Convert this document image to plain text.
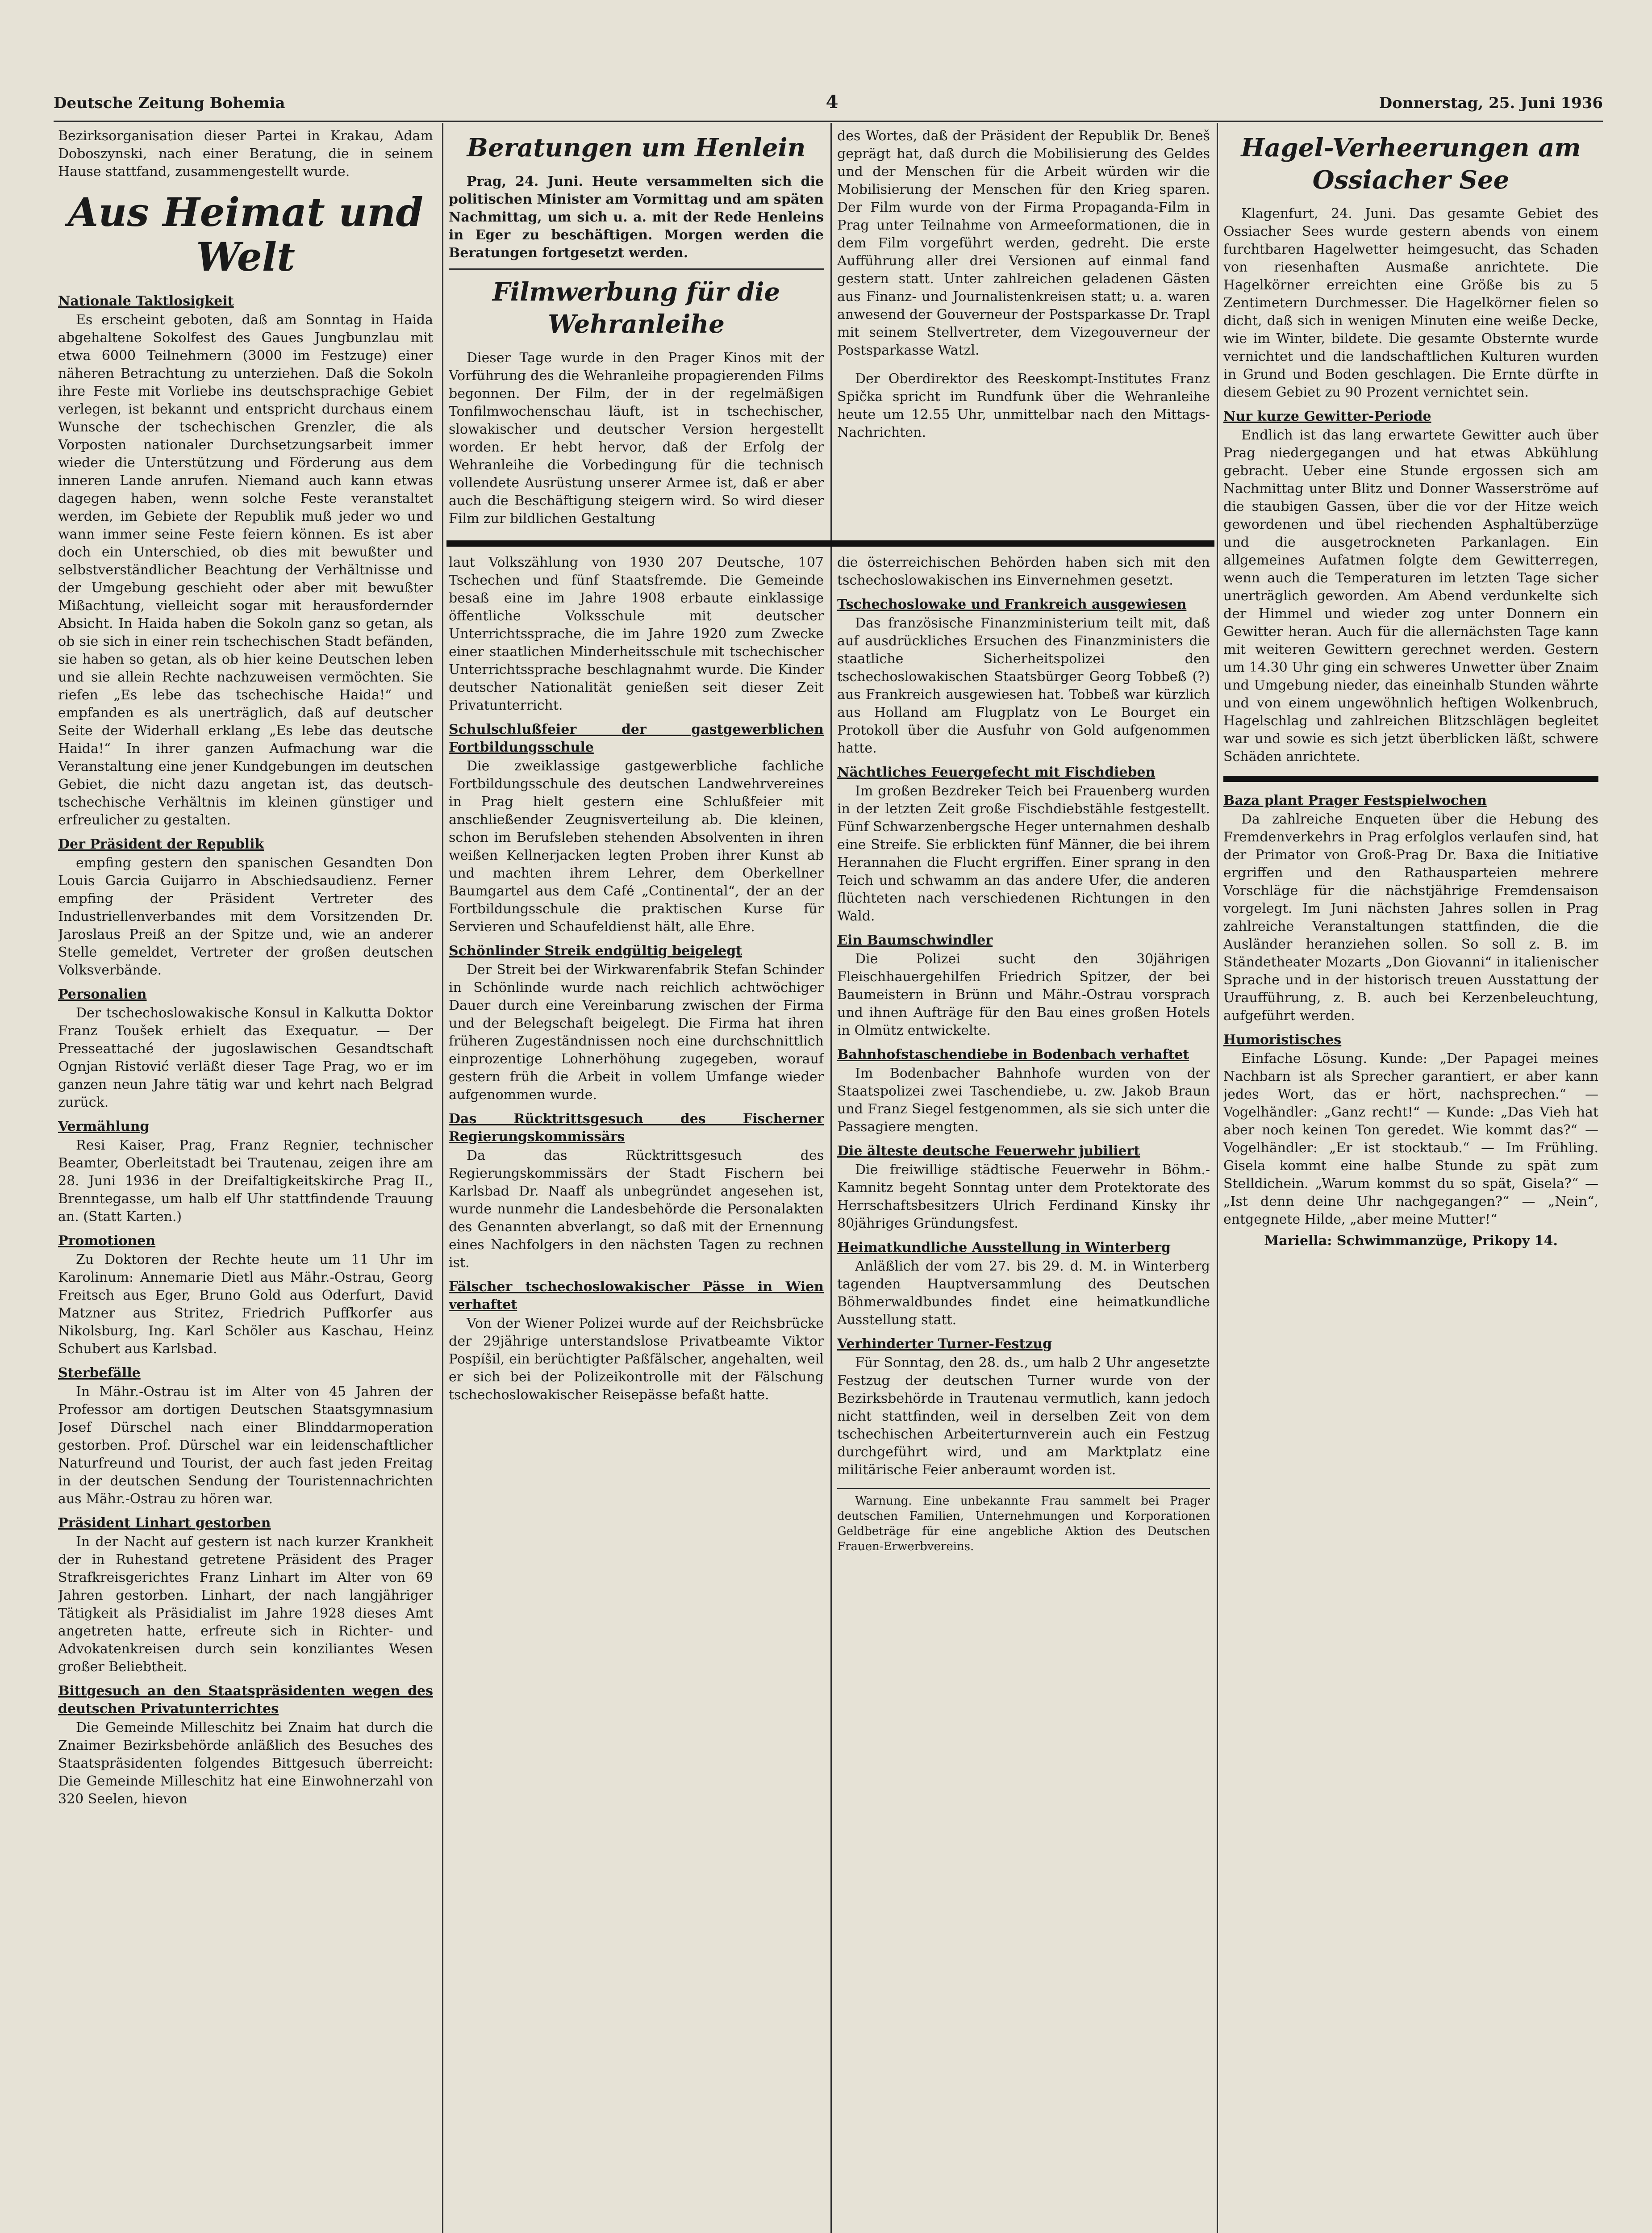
Deutsche Zeitung Bohemia	4	Donnerstag, 25. Juni 1936

Bezirksorganisation dieser Partei in Krakau, Adam Doboszynski, nach einer Beratung, die in seinem Hause stattfand, zusammengestellt wurde.

Aus Heimat und Welt
Nationale Taktlosigkeit

Es erscheint geboten, daß am Sonntag in Haida abgehaltene Sokolfest des Gaues Jungbunzlau mit etwa 6000 Teilnehmern (3000 im Festzuge) einer näheren Betrachtung zu unterziehen. Daß die Sokoln ihre Feste mit Vorliebe ins deutschsprachige Gebiet verlegen, ist bekannt und entspricht durchaus einem Wunsche der tschechischen Grenzler, die als Vorposten nationaler Durchsetzungsarbeit immer wieder die Unterstützung und Förderung aus dem inneren Lande anrufen. Niemand auch kann etwas dagegen haben, wenn solche Feste veranstaltet werden, im Gebiete der Republik muß jeder wo und wann immer seine Feste feiern können. Es ist aber doch ein Unterschied, ob dies mit bewußter und selbstverständlicher Beachtung der Verhältnisse und der Umgebung geschieht oder aber mit bewußter Mißachtung, vielleicht sogar mit herausfordernder Absicht. In Haida haben die Sokoln ganz so getan, als ob sie sich in einer rein tschechischen Stadt befänden, sie haben so getan, als ob hier keine Deutschen leben und sie allein Rechte nachzuweisen vermöchten. Sie riefen „Es lebe das tschechische Haida!“ und empfanden es als unerträglich, daß auf deutscher Seite der Widerhall erklang „Es lebe das deutsche Haida!“ In ihrer ganzen Aufmachung war die Veranstaltung eine jener Kundgebungen im deutschen Gebiet, die nicht dazu angetan ist, das deutsch-tschechische Verhältnis im kleinen günstiger und erfreulicher zu gestalten.

Der Präsident der Republik

empfing gestern den spanischen Gesandten Don Louis Garcia Guijarro in Abschiedsaudienz. Ferner empfing der Präsident Vertreter des Industriellenverbandes mit dem Vorsitzenden Dr. Jaroslaus Preiß an der Spitze und, wie an anderer Stelle gemeldet, Vertreter der großen deutschen Volksverbände.

Personalien

Der tschechoslowakische Konsul in Kalkutta Doktor Franz Toušek erhielt das Exequatur. — Der Presseattaché der jugoslawischen Gesandtschaft Ognjan Ristović verläßt dieser Tage Prag, wo er im ganzen neun Jahre tätig war und kehrt nach Belgrad zurück.

Vermählung

Resi Kaiser, Prag, Franz Regnier, technischer Beamter, Oberleitstadt bei Trautenau, zeigen ihre am 28. Juni 1936 in der Dreifaltigkeitskirche Prag II., Brenntegasse, um halb elf Uhr stattfindende Trauung an. (Statt Karten.)

Promotionen

Zu Doktoren der Rechte heute um 11 Uhr im Karolinum: Annemarie Dietl aus Mähr.-Ostrau, Georg Freitsch aus Eger, Bruno Gold aus Oderfurt, David Matzner aus Stritez, Friedrich Puffkorfer aus Nikolsburg, Ing. Karl Schöler aus Kaschau, Heinz Schubert aus Karlsbad.

Sterbefälle

In Mähr.-Ostrau ist im Alter von 45 Jahren der Professor am dortigen Deutschen Staatsgymnasium Josef Dürschel nach einer Blinddarmoperation gestorben. Prof. Dürschel war ein leidenschaftlicher Naturfreund und Tourist, der auch fast jeden Freitag in der deutschen Sendung der Touristennachrichten aus Mähr.-Ostrau zu hören war.

Präsident Linhart gestorben

In der Nacht auf gestern ist nach kurzer Krankheit der in Ruhestand getretene Präsident des Prager Strafkreisgerichtes Franz Linhart im Alter von 69 Jahren gestorben. Linhart, der nach langjähriger Tätigkeit als Präsidialist im Jahre 1928 dieses Amt angetreten hatte, erfreute sich in Richter- und Advokatenkreisen durch sein konziliantes Wesen großer Beliebtheit.

Bittgesuch an den Staatspräsidenten wegen des deutschen Privatunterrichtes

Die Gemeinde Milleschitz bei Znaim hat durch die Znaimer Bezirksbehörde anläßlich des Besuches des Staatspräsidenten folgendes Bittgesuch überreicht: Die Gemeinde Milleschitz hat eine Einwohnerzahl von 320 Seelen, hievon

Beratungen um Henlein

Prag, 24. Juni. Heute versammelten sich die politischen Minister am Vormittag und am späten Nachmittag, um sich u. a. mit der Rede Henleins in Eger zu beschäftigen. Morgen werden die Beratungen fortgesetzt werden.

Filmwerbung für die Wehranleihe

Dieser Tage wurde in den Prager Kinos mit der Vorführung des die Wehranleihe propagierenden Films begonnen. Der Film, der in der regelmäßigen Tonfilmwochenschau läuft, ist in tschechischer, slowakischer und deutscher Version hergestellt worden. Er hebt hervor, daß der Erfolg der Wehranleihe die Vorbedingung für die technisch vollendete Ausrüstung unserer Armee ist, daß er aber auch die Beschäftigung steigern wird. So wird dieser Film zur bildlichen Gestaltung

des Wortes, daß der Präsident der Republik Dr. Beneš geprägt hat, daß durch die Mobilisierung des Geldes und der Menschen für die Arbeit würden wir die Mobilisierung der Menschen für den Krieg sparen. Der Film wurde von der Firma Propaganda-Film in Prag unter Teilnahme von Armeeformationen, die in dem Film vorgeführt werden, gedreht. Die erste Aufführung aller drei Versionen auf einmal fand gestern statt. Unter zahlreichen geladenen Gästen aus Finanz- und Journalistenkreisen statt; u. a. waren anwesend der Gouverneur der Postsparkasse Dr. Trapl mit seinem Stellvertreter, dem Vizegouverneur der Postsparkasse Watzl.

Der Oberdirektor des Reeskompt-Institutes Franz Spička spricht im Rundfunk über die Wehranleihe heute um 12.55 Uhr, unmittelbar nach den Mittags-Nachrichten.

laut Volkszählung von 1930 207 Deutsche, 107 Tschechen und fünf Staatsfremde. Die Gemeinde besaß eine im Jahre 1908 erbaute einklassige öffentliche Volksschule mit deutscher Unterrichtssprache, die im Jahre 1920 zum Zwecke einer staatlichen Minderheitsschule mit tschechischer Unterrichtssprache beschlagnahmt wurde. Die Kinder deutscher Nationalität genießen seit dieser Zeit Privatunterricht.

Schulschlußfeier der gastgewerblichen Fortbildungsschule

Die zweiklassige gastgewerbliche fachliche Fortbildungsschule des deutschen Landwehrvereines in Prag hielt gestern eine Schlußfeier mit anschließender Zeugnisverteilung ab. Die kleinen, schon im Berufsleben stehenden Absolventen in ihren weißen Kellnerjacken legten Proben ihrer Kunst ab und machten ihrem Lehrer, dem Oberkellner Baumgartel aus dem Café „Continental“, der an der Fortbildungsschule die praktischen Kurse für Servieren und Schaufeldienst hält, alle Ehre.

Schönlinder Streik endgültig beigelegt

Der Streit bei der Wirkwarenfabrik Stefan Schinder in Schönlinde wurde nach reichlich achtwöchiger Dauer durch eine Vereinbarung zwischen der Firma und der Belegschaft beigelegt. Die Firma hat ihren früheren Zugeständnissen noch eine durchschnittlich einprozentige Lohnerhöhung zugegeben, worauf gestern früh die Arbeit in vollem Umfange wieder aufgenommen wurde.

Das Rücktrittsgesuch des Fischerner Regierungskommissärs

Da das Rücktrittsgesuch des Regierungskommissärs der Stadt Fischern bei Karlsbad Dr. Naaff als unbegründet angesehen ist, wurde nunmehr die Landesbehörde die Personalakten des Genannten abverlangt, so daß mit der Ernennung eines Nachfolgers in den nächsten Tagen zu rechnen ist.

Fälscher tschechoslowakischer Pässe in Wien verhaftet

Von der Wiener Polizei wurde auf der Reichsbrücke der 29jährige unterstandslose Privatbeamte Viktor Pospíšil, ein berüchtigter Paßfälscher, angehalten, weil er sich bei der Polizeikontrolle mit der Fälschung tschechoslowakischer Reisepässe befaßt hatte.

die österreichischen Behörden haben sich mit den tschechoslowakischen ins Einvernehmen gesetzt.

Tschechoslowake und Frankreich ausgewiesen

Das französische Finanzministerium teilt mit, daß auf ausdrückliches Ersuchen des Finanzministers die staatliche Sicherheitspolizei den tschechoslowakischen Staatsbürger Georg Tobbeß (?) aus Frankreich ausgewiesen hat. Tobbeß war kürzlich aus Holland am Flugplatz von Le Bourget ein Protokoll über die Ausfuhr von Gold aufgenommen hatte.

Nächtliches Feuergefecht mit Fischdieben

Im großen Bezdreker Teich bei Frauenberg wurden in der letzten Zeit große Fischdiebstähle festgestellt. Fünf Schwarzenbergsche Heger unternahmen deshalb eine Streife. Sie erblickten fünf Männer, die bei ihrem Herannahen die Flucht ergriffen. Einer sprang in den Teich und schwamm an das andere Ufer, die anderen flüchteten nach verschiedenen Richtungen in den Wald.

Ein Baumschwindler

Die Polizei sucht den 30jährigen Fleischhauergehilfen Friedrich Spitzer, der bei Baumeistern in Brünn und Mähr.-Ostrau vorsprach und ihnen Aufträge für den Bau eines großen Hotels in Olmütz entwickelte.

Bahnhofstaschendiebe in Bodenbach verhaftet

Im Bodenbacher Bahnhofe wurden von der Staatspolizei zwei Taschendiebe, u. zw. Jakob Braun und Franz Siegel festgenommen, als sie sich unter die Passagiere mengten.

Die älteste deutsche Feuerwehr jubiliert

Die freiwillige städtische Feuerwehr in Böhm.-Kamnitz begeht Sonntag unter dem Protektorate des Herrschaftsbesitzers Ulrich Ferdinand Kinsky ihr 80jähriges Gründungsfest.

Heimatkundliche Ausstellung in Winterberg

Anläßlich der vom 27. bis 29. d. M. in Winterberg tagenden Hauptversammlung des Deutschen Böhmerwaldbundes findet eine heimatkundliche Ausstellung statt.

Verhinderter Turner-Festzug

Für Sonntag, den 28. ds., um halb 2 Uhr angesetzte Festzug der deutschen Turner wurde von der Bezirksbehörde in Trautenau vermutlich, kann jedoch nicht stattfinden, weil in derselben Zeit von dem tschechischen Arbeiterturnverein auch ein Festzug durchgeführt wird, und am Marktplatz eine militärische Feier anberaumt worden ist.

Warnung. Eine unbekannte Frau sammelt bei Prager deutschen Familien, Unternehmungen und Korporationen Geldbeträge für eine angebliche Aktion des Deutschen Frauen-Erwerbvereins.

Hagel-Verheerungen am Ossiacher See

Klagenfurt, 24. Juni. Das gesamte Gebiet des Ossiacher Sees wurde gestern abends von einem furchtbaren Hagelwetter heimgesucht, das Schaden von riesenhaften Ausmaße anrichtete. Die Hagelkörner erreichten eine Größe bis zu 5 Zentimetern Durchmesser. Die Hagelkörner fielen so dicht, daß sich in wenigen Minuten eine weiße Decke, wie im Winter, bildete. Die gesamte Obsternte wurde vernichtet und die landschaftlichen Kulturen wurden in Grund und Boden geschlagen. Die Ernte dürfte in diesem Gebiet zu 90 Prozent vernichtet sein.

Nur kurze Gewitter-Periode

Endlich ist das lang erwartete Gewitter auch über Prag niedergegangen und hat etwas Abkühlung gebracht. Ueber eine Stunde ergossen sich am Nachmittag unter Blitz und Donner Wasserströme auf die staubigen Gassen, über die vor der Hitze weich gewordenen und übel riechenden Asphaltüberzüge und die ausgetrockneten Parkanlagen. Ein allgemeines Aufatmen folgte dem Gewitterregen, wenn auch die Temperaturen im letzten Tage sicher unerträglich geworden. Am Abend verdunkelte sich der Himmel und wieder zog unter Donnern ein Gewitter heran. Auch für die allernächsten Tage kann mit weiteren Gewittern gerechnet werden. Gestern um 14.30 Uhr ging ein schweres Unwetter über Znaim und Umgebung nieder, das eineinhalb Stunden währte und von einem ungewöhnlich heftigen Wolkenbruch, Hagelschlag und zahlreichen Blitzschlägen begleitet war und sowie es sich jetzt überblicken läßt, schwere Schäden anrichtete.

Baza plant Prager Festspielwochen

Da zahlreiche Enqueten über die Hebung des Fremdenverkehrs in Prag erfolglos verlaufen sind, hat der Primator von Groß-Prag Dr. Baxa die Initiative ergriffen und den Rathausparteien mehrere Vorschläge für die nächstjährige Fremdensaison vorgelegt. Im Juni nächsten Jahres sollen in Prag zahlreiche Veranstaltungen stattfinden, die die Ausländer heranziehen sollen. So soll z. B. im Ständetheater Mozarts „Don Giovanni“ in italienischer Sprache und in der historisch treuen Ausstattung der Uraufführung, z. B. auch bei Kerzenbeleuchtung, aufgeführt werden.

Humoristisches

Einfache Lösung. Kunde: „Der Papagei meines Nachbarn ist als Sprecher garantiert, er aber kann jedes Wort, das er hört, nachsprechen.“ — Vogelhändler: „Ganz recht!“ — Kunde: „Das Vieh hat aber noch keinen Ton geredet. Wie kommt das?“ — Vogelhändler: „Er ist stocktaub.“ — Im Frühling. Gisela kommt eine halbe Stunde zu spät zum Stelldichein. „Warum kommst du so spät, Gisela?“ — „Ist denn deine Uhr nachgegangen?“ — „Nein“, entgegnete Hilde, „aber meine Mutter!“

Mariella: Schwimmanzüge, Prikopy 14.
